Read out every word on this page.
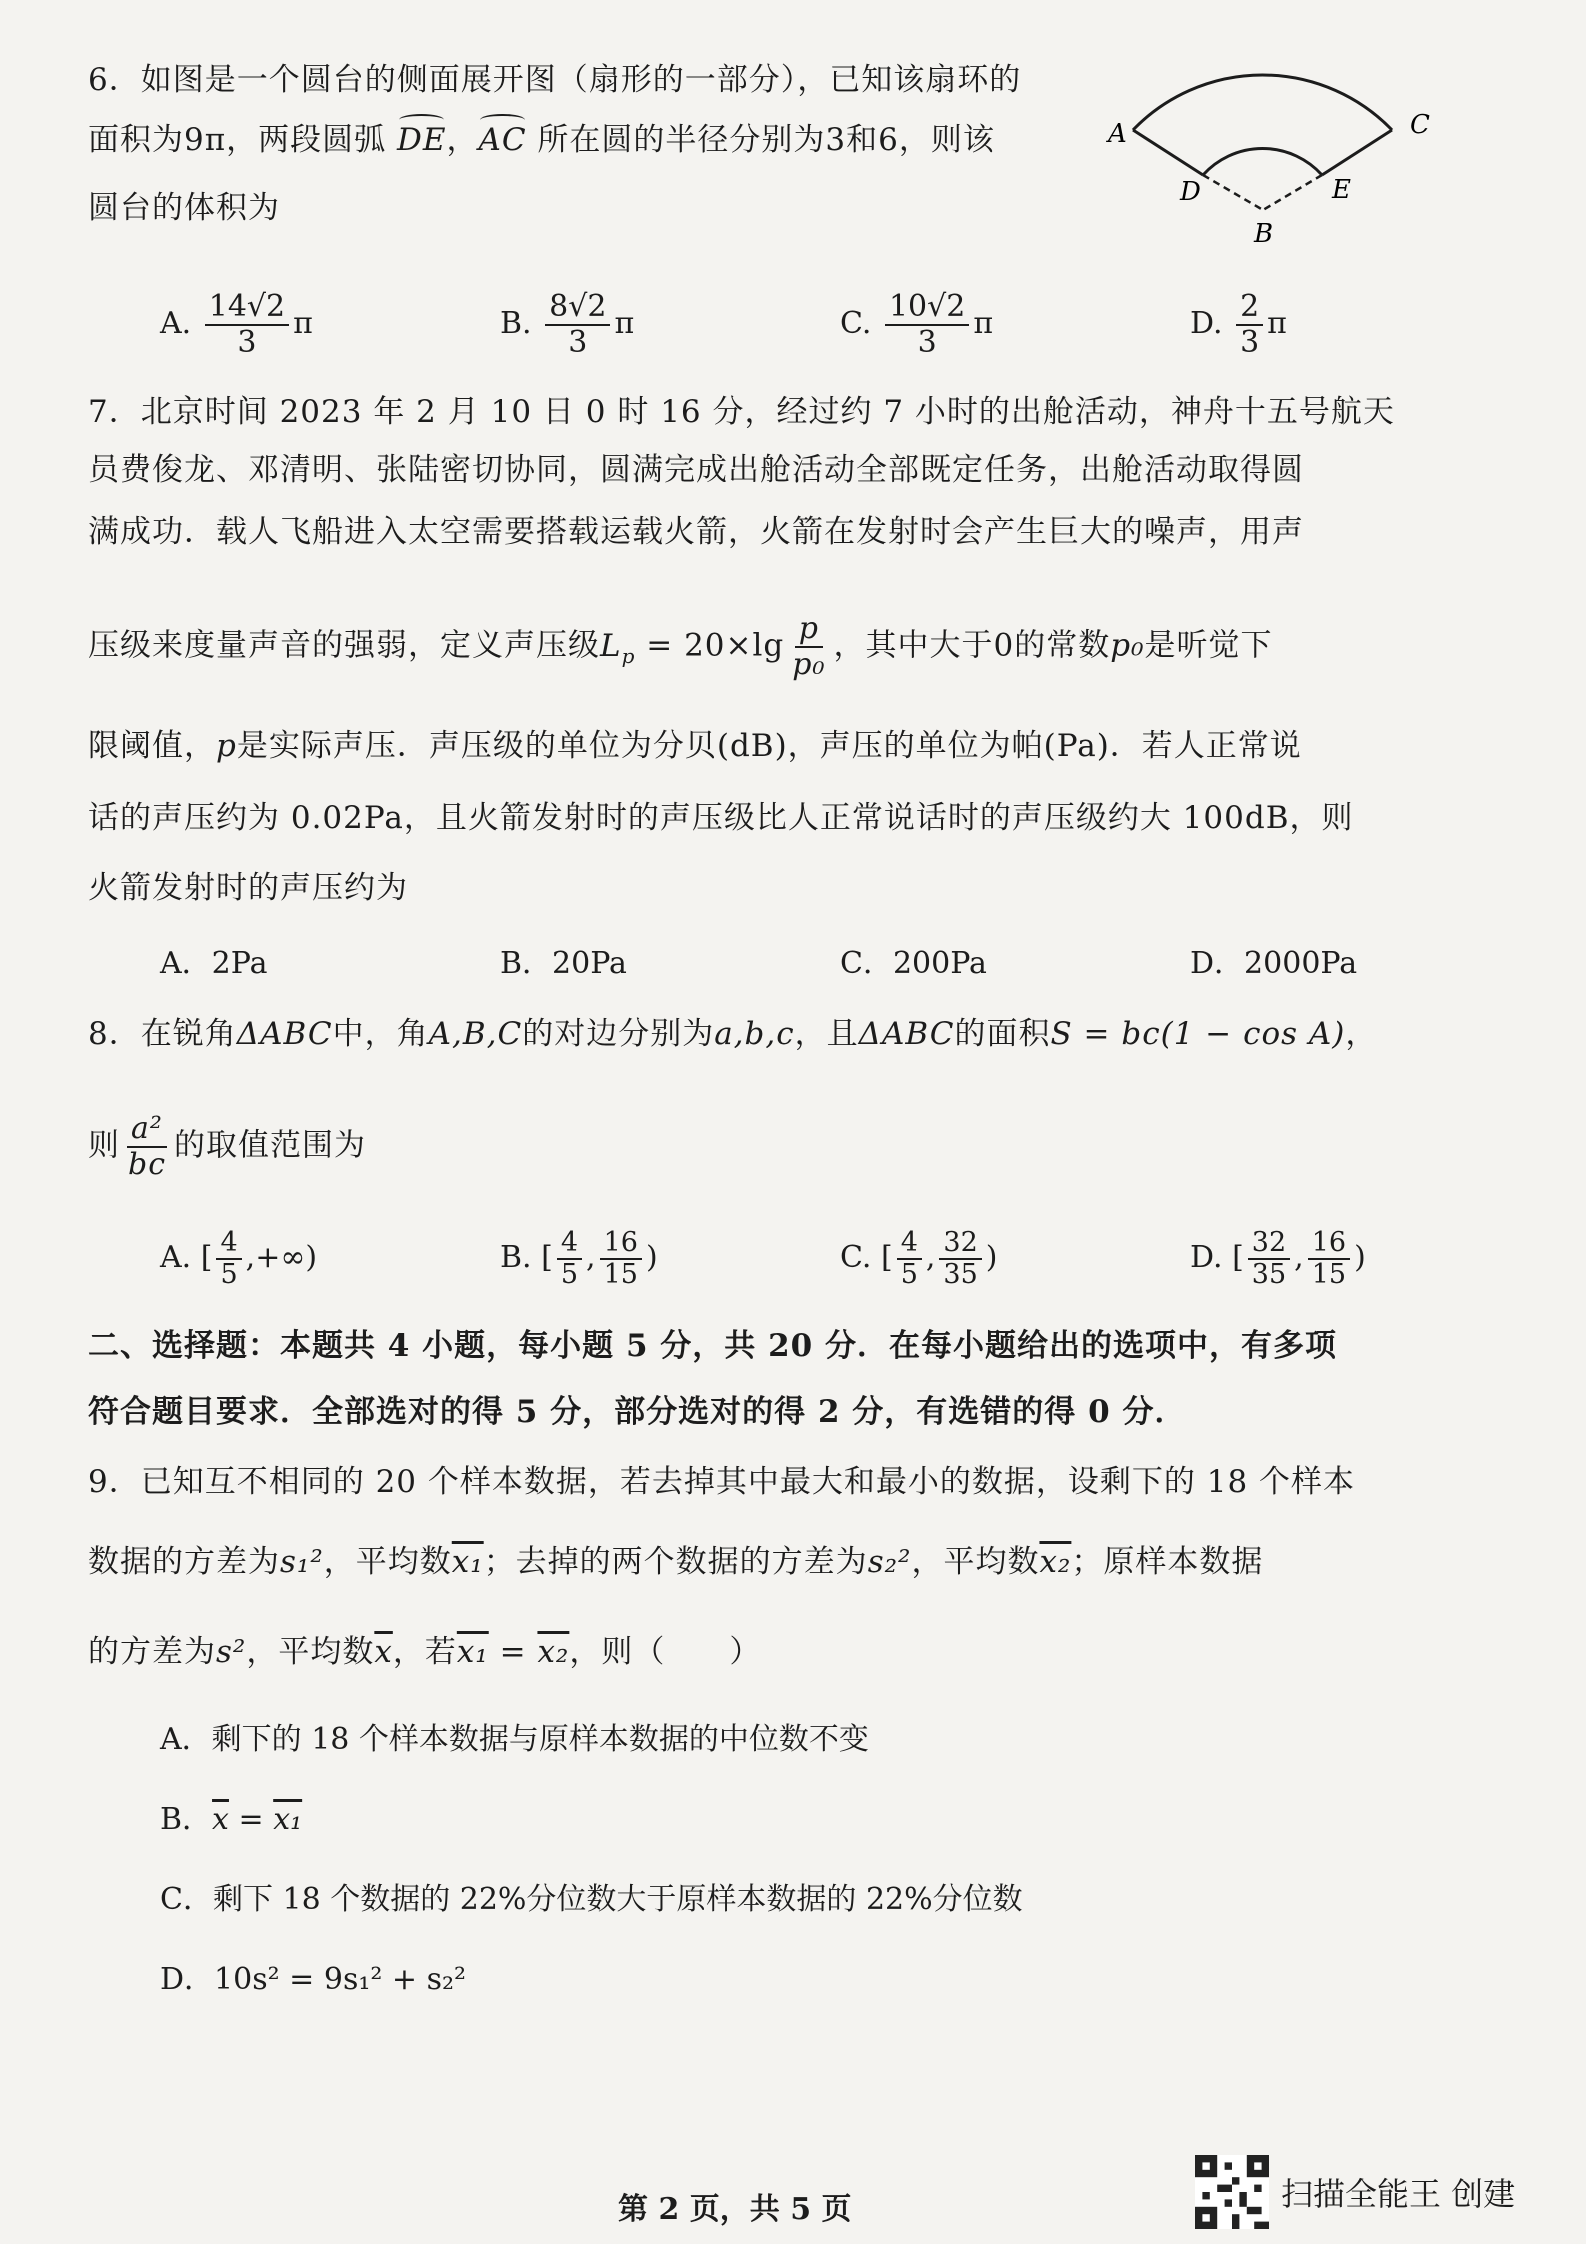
6．如图是一个圆台的侧面展开图（扇形的一部分），已知该扇环的
面积为9π，两段圆弧 DE，AC 所在圆的半径分别为3和6，则该
圆台的体积为
A	C
D	E
B
A. $\frac{14√2}{3}$ π	B. $\frac{8√2}{3}$ π	C. $\frac{10√2}{3}$ π	D. $\frac{2}{3}$ π
7．北京时间 2023 年 2 月 10 日 0 时 16 分，经过约 7 小时的出舱活动，神舟十五号航天
员费俊龙、邓清明、张陆密切协同，圆满完成出舱活动全部既定任务，出舱活动取得圆
满成功．载人飞船进入太空需要搭载运载火箭，火箭在发射时会产生巨大的噪声，用声
压级来度量声音的强弱，定义声压级$L_p = 20\times\lg \frac{p}{\text{p₀}}$ ，其中大于0的常数p₀是听觉下
限阈值，p是实际声压．声压级的单位为分贝(dB)，声压的单位为帕(Pa)．若人正常说
话的声压约为 0.02Pa，且火箭发射时的声压级比人正常说话时的声压级约大 100dB，则
火箭发射时的声压约为
A．2Pa	B．20Pa	C．200Pa	D．2000Pa
8．在锐角ΔABC中，角A,B,C的对边分别为a,b,c，且ΔABC的面积S = bc(1 − cos A)，
则 $\frac{\text{a²}}{bc}$ 的取值范围为
A. [ $\frac{4}{5}$ ,+∞)	B. [ $\frac{4}{5}$ , $\frac{16}{15}$ )	C. [ $\frac{4}{5}$ , $\frac{32}{35}$ )	D. [ $\frac{32}{35}$ , $\frac{16}{15}$ )
二、选择题：本题共 4 小题，每小题 5 分，共 20 分．在每小题给出的选项中，有多项
符合题目要求．全部选对的得 5 分，部分选对的得 2 分，有选错的得 0 分．
9．已知互不相同的 20 个样本数据，若去掉其中最大和最小的数据，设剩下的 18 个样本
数据的方差为s₁²，平均数x₁；去掉的两个数据的方差为s₂²，平均数x₂；原样本数据
的方差为s²，平均数$\overline{x}$，若x₁ = x₂，则（　　）
A．剩下的 18 个样本数据与原样本数据的中位数不变
B．$\overline{x} = x_1$
C．剩下 18 个数据的 22%分位数大于原样本数据的 22%分位数
D．10s² = 9s₁² + s₂²
第 2 页，共 5 页	扫描全能王 创建
